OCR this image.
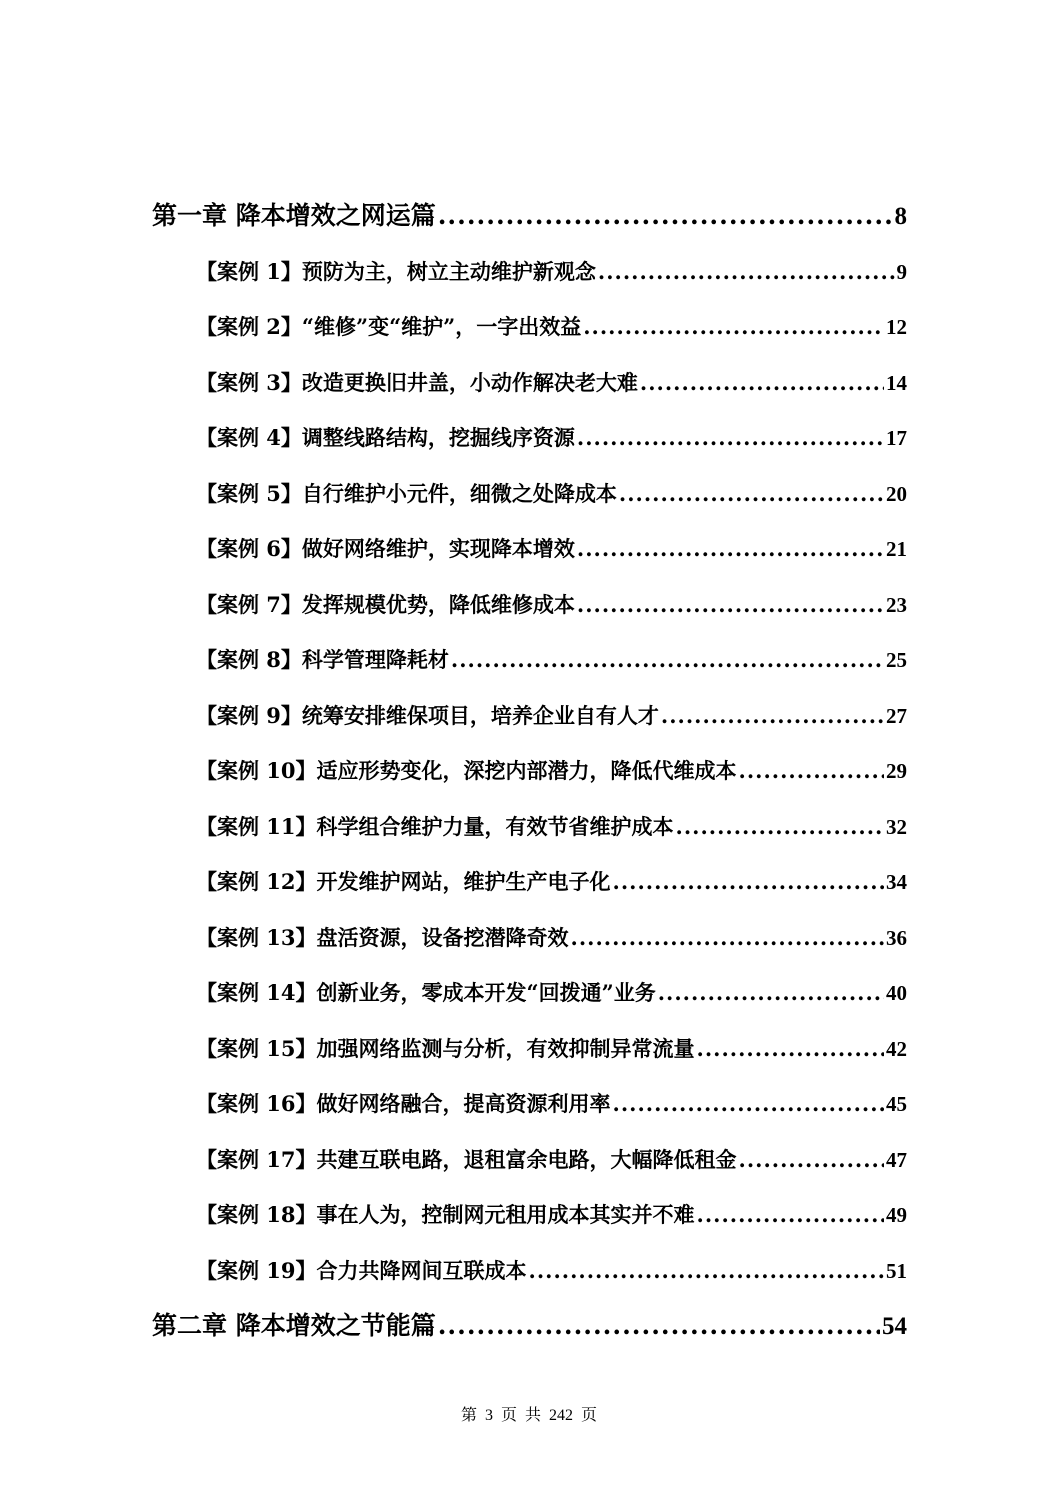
第一章 降本增效之网运篇 .....	8
【案例 1】预防为主，树立主动维护新观念 .....	9
【案例 2】“维修”变“维护”，一字出效益 .....	12
【案例 3】改造更换旧井盖，小动作解决老大难 .....	14
【案例 4】调整线路结构，挖掘线序资源 .....	17
【案例 5】自行维护小元件，细微之处降成本 .....	20
【案例 6】做好网络维护，实现降本增效 .....	21
【案例 7】发挥规模优势，降低维修成本 .....	23
【案例 8】科学管理降耗材 .....	25
【案例 9】统筹安排维保项目，培养企业自有人才 .....	27
【案例 10】适应形势变化，深挖内部潜力，降低代维成本 .....	29
【案例 11】科学组合维护力量，有效节省维护成本 .....	32
【案例 12】开发维护网站，维护生产电子化 .....	34
【案例 13】盘活资源，设备挖潜降奇效 .....	36
【案例 14】创新业务，零成本开发“回拨通”业务 .....	40
【案例 15】加强网络监测与分析，有效抑制异常流量 .....	42
【案例 16】做好网络融合，提高资源利用率 .....	45
【案例 17】共建互联电路，退租富余电路，大幅降低租金 .....	47
【案例 18】事在人为，控制网元租用成本其实并不难 .....	49
【案例 19】合力共降网间互联成本 .....	51
第二章 降本增效之节能篇 .....	54
第 3 页 共 242 页
